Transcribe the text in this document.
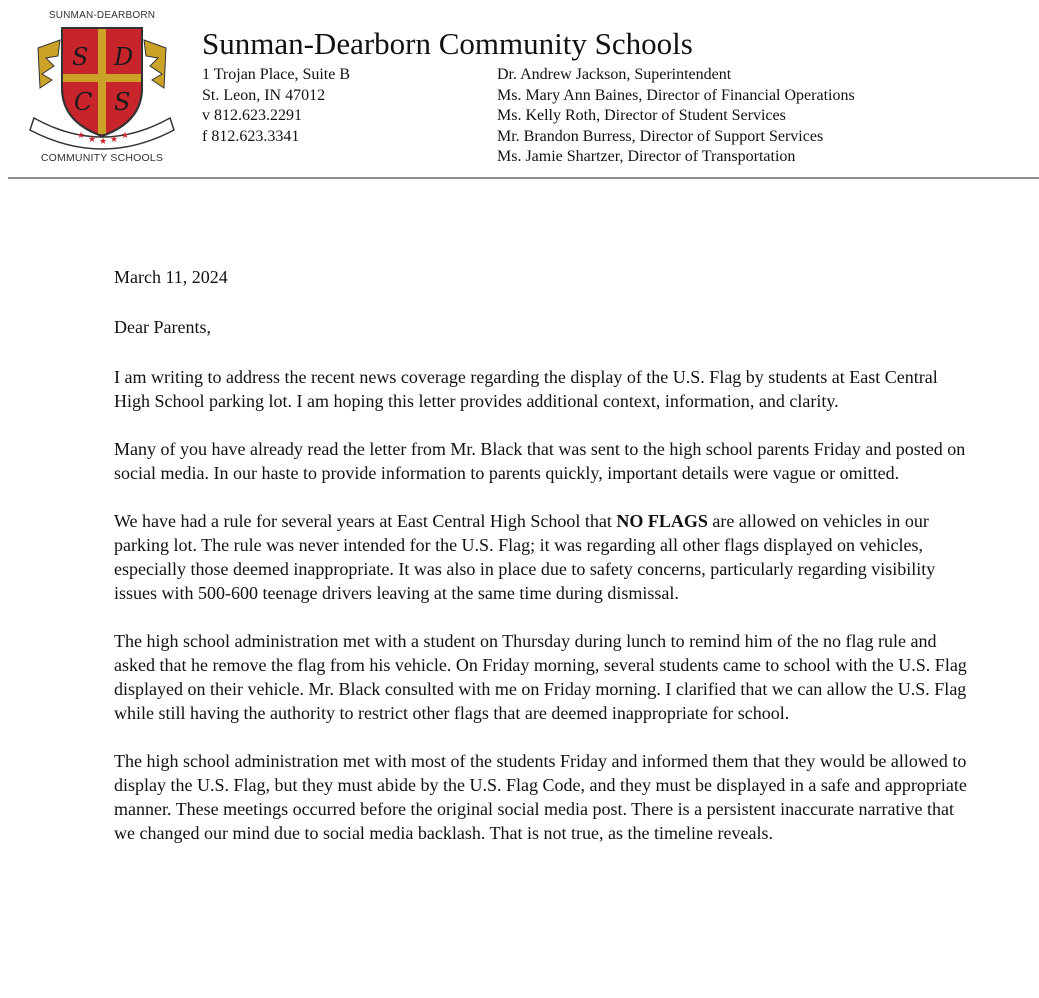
SUNMAN-DEARBORN
★ ★ ★
★	★
S D
C S
COMMUNITY SCHOOLS
Sunman-Dearborn Community Schools
1 Trojan Place, Suite B
St. Leon, IN 47012
v 812.623.2291
f 812.623.3341
Dr. Andrew Jackson, Superintendent
Ms. Mary Ann Baines, Director of Financial Operations
Ms. Kelly Roth, Director of Student Services
Mr. Brandon Burress, Director of Support Services
Ms. Jamie Shartzer, Director of Transportation

March 11, 2024

Dear Parents,

I am writing to address the recent news coverage regarding the display of the U.S. Flag by students at East Central High School parking lot. I am hoping this letter provides additional context, information, and clarity.

Many of you have already read the letter from Mr. Black that was sent to the high school parents Friday and posted on social media. In our haste to provide information to parents quickly, important details were vague or omitted.

We have had a rule for several years at East Central High School that NO FLAGS are allowed on vehicles in our parking lot. The rule was never intended for the U.S. Flag; it was regarding all other flags displayed on vehicles, especially those deemed inappropriate. It was also in place due to safety concerns, particularly regarding visibility issues with 500-600 teenage drivers leaving at the same time during dismissal.

The high school administration met with a student on Thursday during lunch to remind him of the no flag rule and asked that he remove the flag from his vehicle. On Friday morning, several students came to school with the U.S. Flag displayed on their vehicle. Mr. Black consulted with me on Friday morning. I clarified that we can allow the U.S. Flag while still having the authority to restrict other flags that are deemed inappropriate for school.

The high school administration met with most of the students Friday and informed them that they would be allowed to display the U.S. Flag, but they must abide by the U.S. Flag Code, and they must be displayed in a safe and appropriate manner. These meetings occurred before the original social media post. There is a persistent inaccurate narrative that we changed our mind due to social media backlash. That is not true, as the timeline reveals.
